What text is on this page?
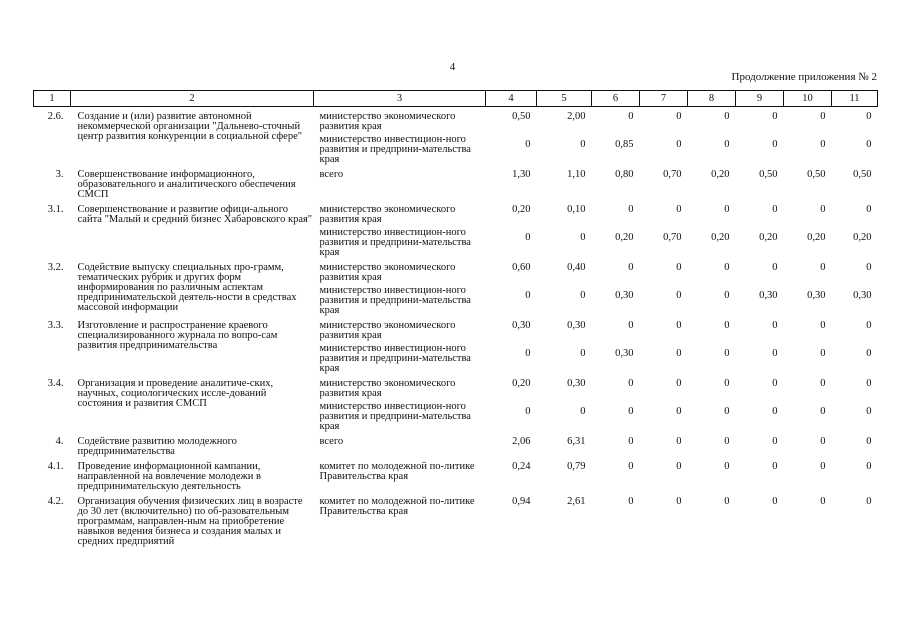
4
Продолжение приложения № 2
1	2	3	4	5	6	7	8	9	10	11
2.6.	Создание и (или) развитие автономной некоммерческой организации "Дальнево-сточный центр развития конкуренции в социальной сфере"	министерство экономического развития края	0,50	2,00	0	0	0	0	0	0
		министерство инвестицион-ного развития и предприни-мательства края	0	0	0,85	0	0	0	0	0
3.	Совершенствование информационного, образовательного и аналитического обеспечения СМСП	всего	1,30	1,10	0,80	0,70	0,20	0,50	0,50	0,50
3.1.	Совершенствование и развитие офици-ального сайта "Малый и средний бизнес Хабаровского края"	министерство экономического развития края	0,20	0,10	0	0	0	0	0	0
		министерство инвестицион-ного развития и предприни-мательства края	0	0	0,20	0,70	0,20	0,20	0,20	0,20
3.2.	Содействие выпуску специальных про-грамм, тематических рубрик и других форм информирования по различным аспектам предпринимательской деятель-ности в средствах массовой информации	министерство экономического развития края	0,60	0,40	0	0	0	0	0	0
		министерство инвестицион-ного развития и предприни-мательства края	0	0	0,30	0	0	0,30	0,30	0,30
3.3.	Изготовление и распространение краевого специализированного журнала по вопро-сам развития предпринимательства	министерство экономического развития края	0,30	0,30	0	0	0	0	0	0
		министерство инвестицион-ного развития и предприни-мательства края	0	0	0,30	0	0	0	0	0
3.4.	Организация и проведение аналитиче-ских, научных, социологических иссле-дований состояния и развития СМСП	министерство экономического развития края	0,20	0,30	0	0	0	0	0	0
		министерство инвестицион-ного развития и предприни-мательства края	0	0	0	0	0	0	0	0
4.	Содействие развитию молодежного предпринимательства	всего	2,06	6,31	0	0	0	0	0	0
4.1.	Проведение информационной кампании, направленной на вовлечение молодежи в предпринимательскую деятельность	комитет по молодежной по-литике Правительства края	0,24	0,79	0	0	0	0	0	0
4.2.	Организация обучения физических лиц в возрасте до 30 лет (включительно) по об-разовательным программам, направлен-ным на приобретение навыков ведения бизнеса и создания малых и средних предприятий	комитет по молодежной по-литике Правительства края	0,94	2,61	0	0	0	0	0	0
